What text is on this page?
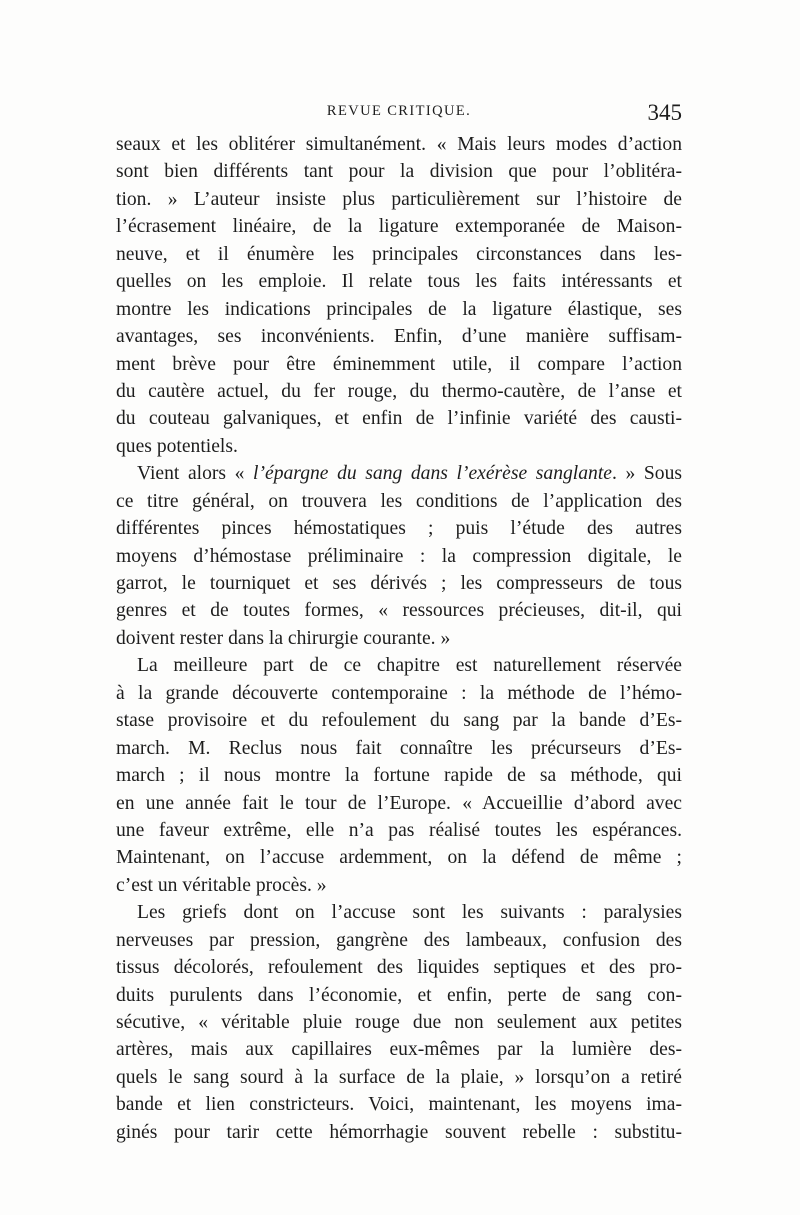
REVUE CRITIQUE.	345
seaux et les oblitérer simultanément. « Mais leurs modes d’action
sont bien différents tant pour la division que pour l’oblitéra-
tion. » L’auteur insiste plus particulièrement sur l’histoire de
l’écrasement linéaire, de la ligature extemporanée de Maison-
neuve, et il énumère les principales circonstances dans les-
quelles on les emploie. Il relate tous les faits intéressants et
montre les indications principales de la ligature élastique, ses
avantages, ses inconvénients. Enfin, d’une manière suffisam-
ment brève pour être éminemment utile, il compare l’action
du cautère actuel, du fer rouge, du thermo-cautère, de l’anse et
du couteau galvaniques, et enfin de l’infinie variété des causti-
ques potentiels.
Vient alors « l’épargne du sang dans l’exérèse sanglante. » Sous
ce titre général, on trouvera les conditions de l’application des
différentes pinces hémostatiques ; puis l’étude des autres
moyens d’hémostase préliminaire : la compression digitale, le
garrot, le tourniquet et ses dérivés ; les compresseurs de tous
genres et de toutes formes, « ressources précieuses, dit-il, qui
doivent rester dans la chirurgie courante. »
La meilleure part de ce chapitre est naturellement réservée
à la grande découverte contemporaine : la méthode de l’hémo-
stase provisoire et du refoulement du sang par la bande d’Es-
march. M. Reclus nous fait connaître les précurseurs d’Es-
march ; il nous montre la fortune rapide de sa méthode, qui
en une année fait le tour de l’Europe. « Accueillie d’abord avec
une faveur extrême, elle n’a pas réalisé toutes les espérances.
Maintenant, on l’accuse ardemment, on la défend de même ;
c’est un véritable procès. »
Les griefs dont on l’accuse sont les suivants : paralysies
nerveuses par pression, gangrène des lambeaux, confusion des
tissus décolorés, refoulement des liquides septiques et des pro-
duits purulents dans l’économie, et enfin, perte de sang con-
sécutive, « véritable pluie rouge due non seulement aux petites
artères, mais aux capillaires eux-mêmes par la lumière des-
quels le sang sourd à la surface de la plaie, » lorsqu’on a retiré
bande et lien constricteurs. Voici, maintenant, les moyens ima-
ginés pour tarir cette hémorrhagie souvent rebelle : substitu-
